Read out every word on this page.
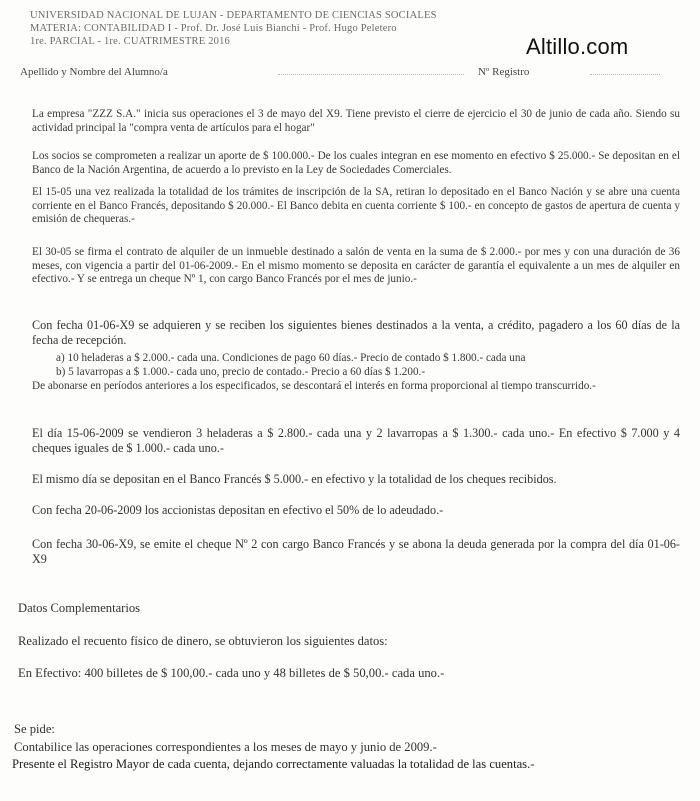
UNIVERSIDAD NACIONAL DE LUJAN - DEPARTAMENTO DE CIENCIAS SOCIALES
MATERIA: CONTABILIDAD I - Prof. Dr. José Luis Bianchi - Prof. Hugo Peletero
1re. PARCIAL - 1re. CUATRIMESTRE 2016	Altillo.com
Apellido y Nombre del Alumno/a	Nº Registro
La empresa "ZZZ S.A." inicia sus operaciones el 3 de mayo del X9. Tiene previsto el cierre de ejercicio el 30 de junio de cada año. Siendo su actividad principal la "compra venta de artículos para el hogar"
Los socios se comprometen a realizar un aporte de $ 100.000.- De los cuales integran en ese momento en efectivo $ 25.000.- Se depositan en el Banco de la Nación Argentina, de acuerdo a lo previsto en la Ley de Sociedades Comerciales.
El 15-05 una vez realizada la totalidad de los trámites de inscripción de la SA, retiran lo depositado en el Banco Nación y se abre una cuenta corriente en el Banco Francés, depositando $ 20.000.- El Banco debita en cuenta corriente $ 100.- en concepto de gastos de apertura de cuenta y emisión de chequeras.-
El 30-05 se firma el contrato de alquiler de un inmueble destinado a salón de venta en la suma de $ 2.000.- por mes y con una duración de 36 meses, con vigencia a partir del 01-06-2009.- En el mismo momento se deposita en carácter de garantía el equivalente a un mes de alquiler en efectivo.- Y se entrega un cheque Nº 1, con cargo Banco Francés por el mes de junio.-
Con fecha 01-06-X9 se adquieren y se reciben los siguientes bienes destinados a la venta, a crédito, pagadero a los 60 días de la fecha de recepción.
a) 10 heladeras a $ 2.000.- cada una. Condiciones de pago 60 días.- Precio de contado $ 1.800.- cada una
b) 5 lavarropas a $ 1.000.- cada uno, precio de contado.- Precio a 60 días $ 1.200.-
De abonarse en períodos anteriores a los especificados, se descontará el interés en forma proporcional al tiempo transcurrido.-
El día 15-06-2009 se vendieron 3 heladeras a $ 2.800.- cada una y 2 lavarropas a $ 1.300.- cada uno.- En efectivo $ 7.000 y 4 cheques iguales de $ 1.000.- cada uno.-
El mismo día se depositan en el Banco Francés $ 5.000.- en efectivo y la totalidad de los cheques recibidos.
Con fecha 20-06-2009 los accionistas depositan en efectivo el 50% de lo adeudado.-
Con fecha 30-06-X9, se emite el cheque Nº 2 con cargo Banco Francés y se abona la deuda generada por la compra del día 01-06-X9
Datos Complementarios
Realizado el recuento físico de dinero, se obtuvieron los siguientes datos:
En Efectivo: 400 billetes de $ 100,00.- cada uno y 48 billetes de $ 50,00.- cada uno.-
Se pide:
Contabilice las operaciones correspondientes a los meses de mayo y junio de 2009.-
Presente el Registro Mayor de cada cuenta, dejando correctamente valuadas la totalidad de las cuentas.-
